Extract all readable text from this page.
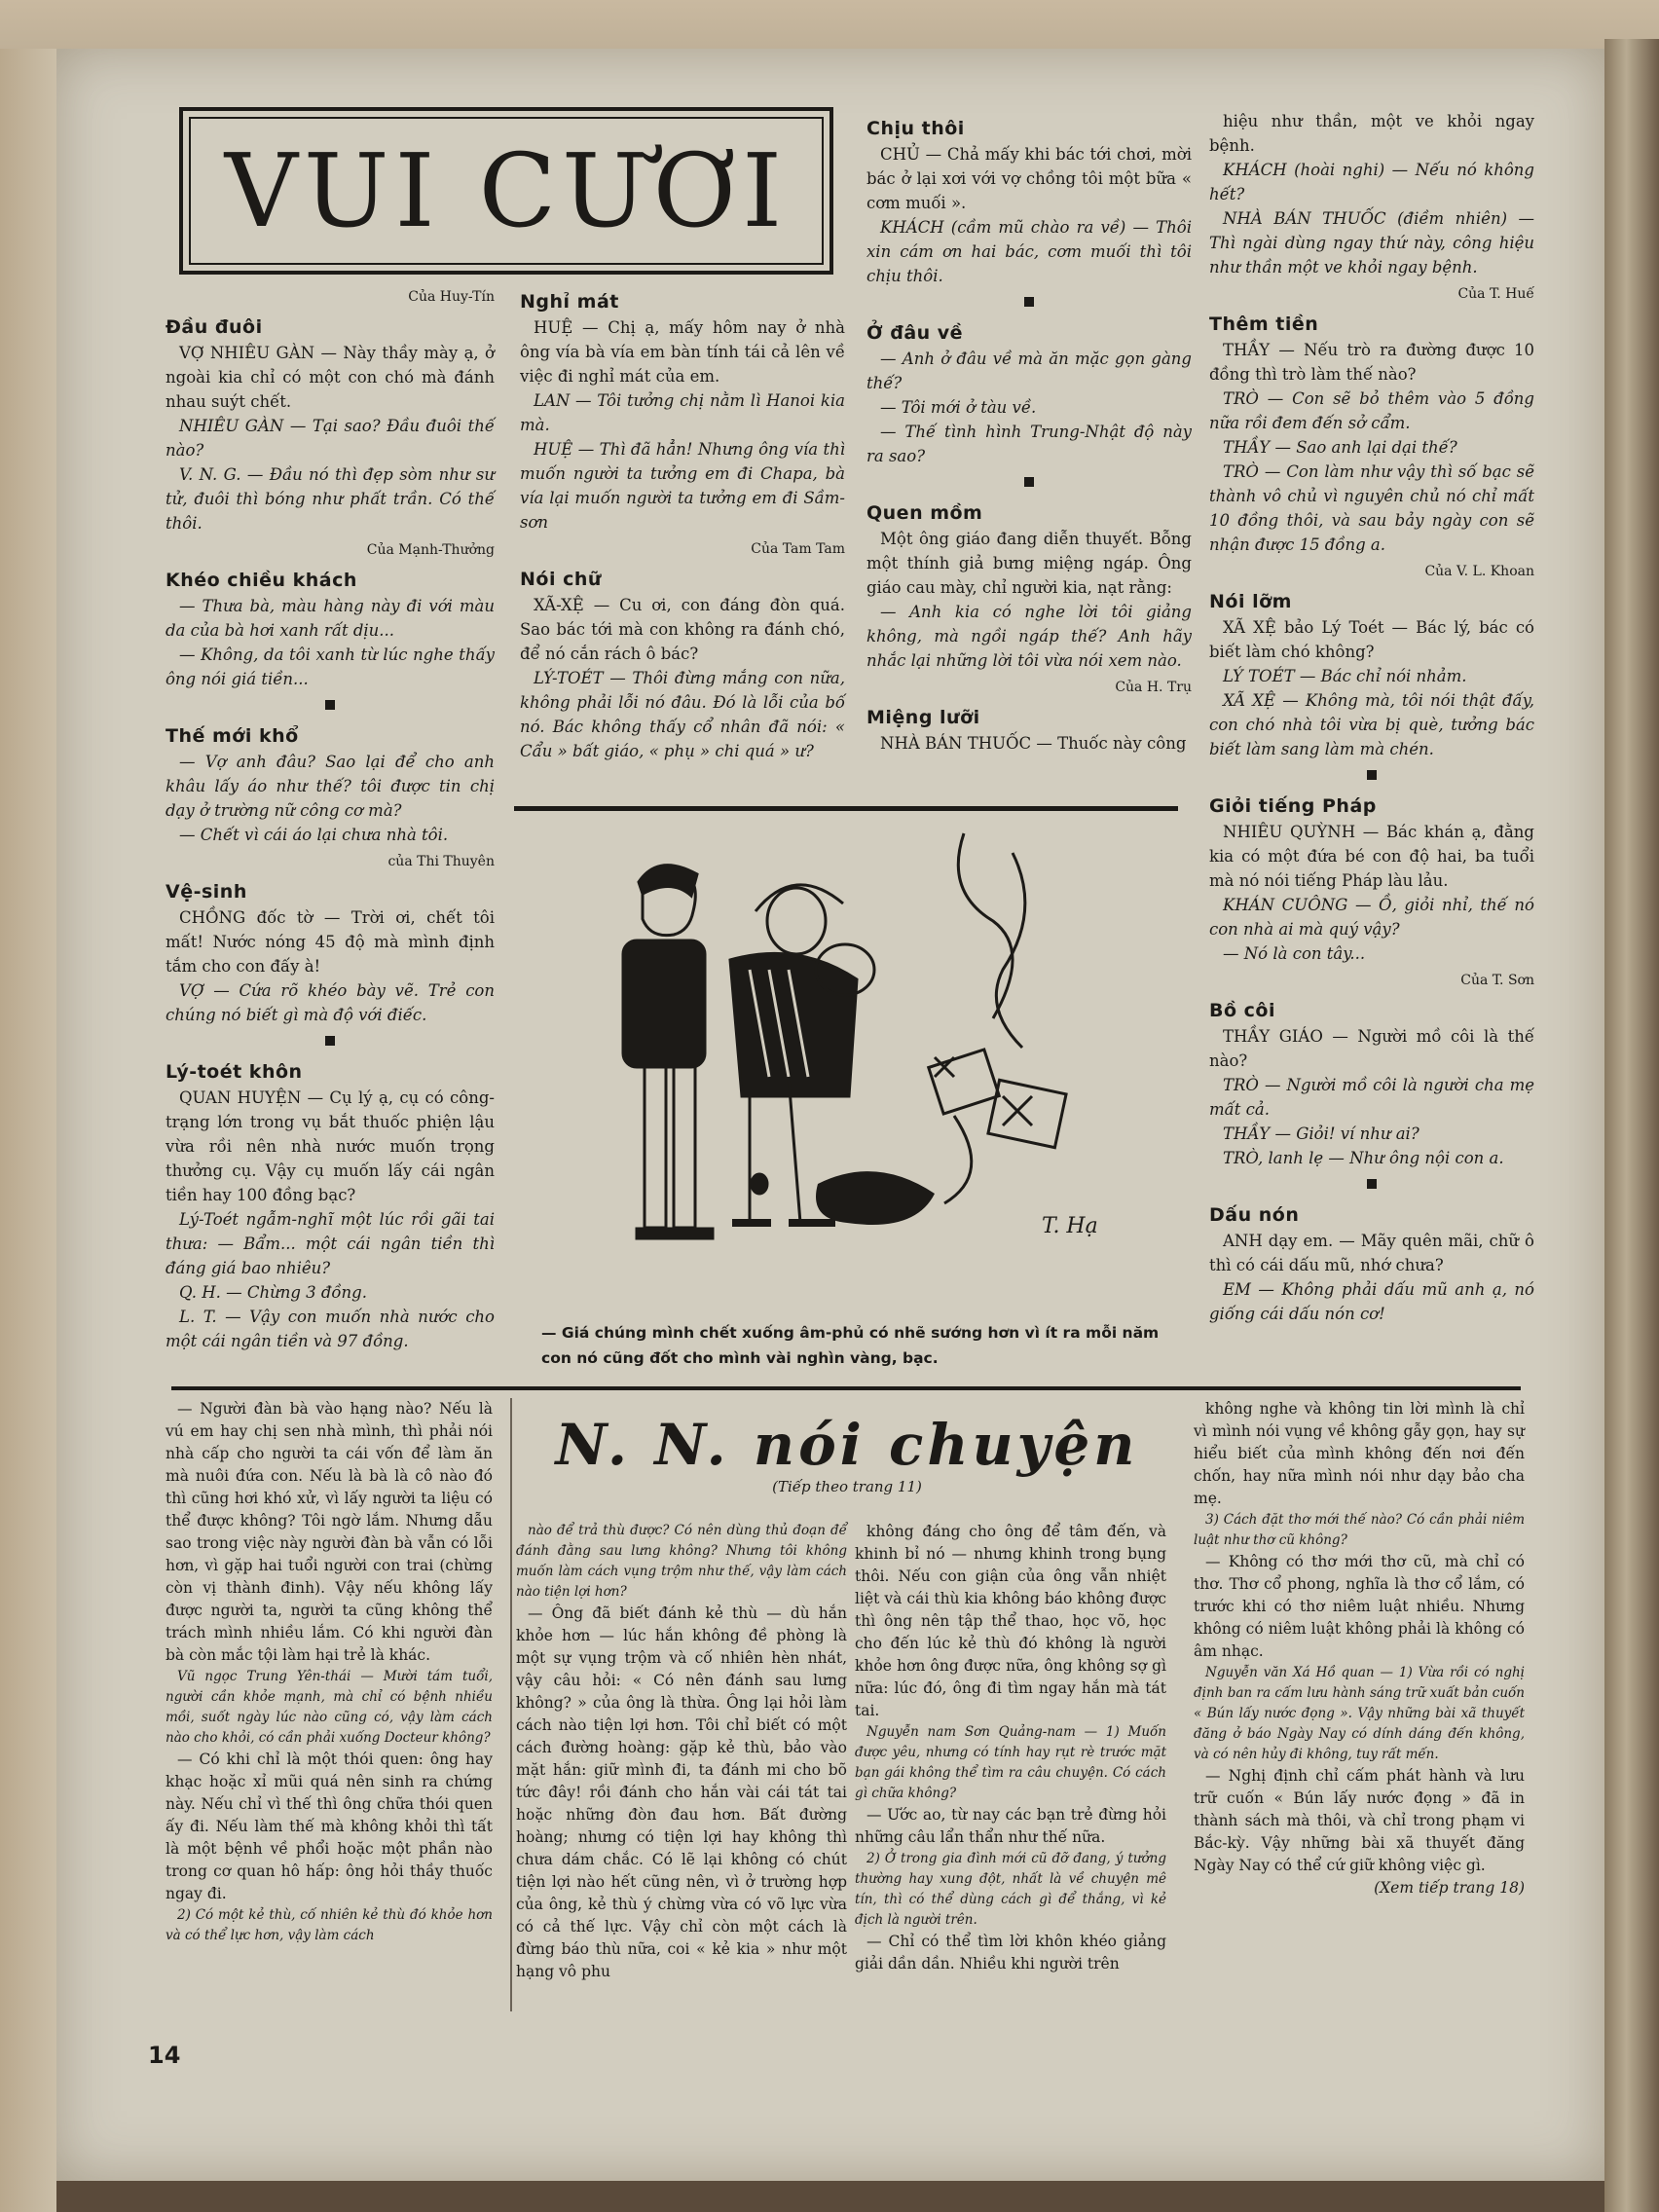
VUI CƯƠI
Của Huy-Tín
Đầu đuôi

VỢ NHIÊU GÀN — Này thầy mày ạ, ở ngoài kia chỉ có một con chó mà đánh nhau suýt chết.

NHIÊU GÀN — Tại sao? Đầu đuôi thế nào?

V. N. G. — Đầu nó thì đẹp sòm như sư tử, đuôi thì bóng như phất trần. Có thế thôi.

Của Mạnh-Thưởng
Khéo chiều khách

— Thưa bà, màu hàng này đi với màu da của bà hơi xanh rất dịu...

— Không, da tôi xanh từ lúc nghe thấy ông nói giá tiền...

Thế mới khổ

— Vợ anh đâu? Sao lại để cho anh khâu lấy áo như thế? tôi được tin chị dạy ở trường nữ công cơ mà?

— Chết vì cái áo lại chưa nhà tôi.

của Thi Thuyên
Vệ-sinh

CHỒNG đốc tờ — Trời ơi, chết tôi mất! Nước nóng 45 độ mà mình định tắm cho con đấy à!

VỢ — Cứa rõ khéo bày vẽ. Trẻ con chúng nó biết gì mà độ với điếc.

Lý-toét khôn

QUAN HUYỆN — Cụ lý ạ, cụ có công-trạng lớn trong vụ bắt thuốc phiện lậu vừa rồi nên nhà nước muốn trọng thưởng cụ. Vậy cụ muốn lấy cái ngân tiền hay 100 đồng bạc?

Lý-Toét ngẫm-nghĩ một lúc rồi gãi tai thưa: — Bẩm... một cái ngân tiền thì đáng giá bao nhiêu?

Q. H. — Chừng 3 đồng.

L. T. — Vậy con muốn nhà nước cho một cái ngân tiền và 97 đồng.

Nghỉ mát

HUỆ — Chị ạ, mấy hôm nay ở nhà ông vía bà vía em bàn tính tái cả lên về việc đi nghỉ mát của em.

LAN — Tôi tưởng chị nằm lì Hanoi kia mà.

HUỆ — Thì đã hẳn! Nhưng ông vía thì muốn người ta tưởng em đi Chapa, bà vía lại muốn người ta tưởng em đi Sầm-sơn

Của Tam Tam
Nói chữ

XÃ-XỆ — Cu ơi, con đáng đòn quá. Sao bác tới mà con không ra đánh chó, để nó cắn rách ô bác?

LÝ-TOÉT — Thôi đừng mắng con nữa, không phải lỗi nó đâu. Đó là lỗi của bố nó. Bác không thấy cổ nhân đã nói: « Cẩu » bất giáo, « phụ » chi quá » ư?

Chịu thôi

CHỦ — Chả mấy khi bác tới chơi, mời bác ở lại xơi với vợ chồng tôi một bữa « cơm muối ».

KHÁCH (cầm mũ chào ra về) — Thôi xin cám ơn hai bác, cơm muối thì tôi chịu thôi.

Ở đâu về

— Anh ở đâu về mà ăn mặc gọn gàng thế?

— Tôi mới ở tàu về.

— Thế tình hình Trung-Nhật độ này ra sao?

Quen mồm

Một ông giáo đang diễn thuyết. Bỗng một thính giả bưng miệng ngáp. Ông giáo cau mày, chỉ người kia, nạt rằng:

— Anh kia có nghe lời tôi giảng không, mà ngồi ngáp thế? Anh hãy nhắc lại những lời tôi vừa nói xem nào.

Của H. Trụ
Miệng lưỡi

NHÀ BÁN THUỐC — Thuốc này công

hiệu như thần, một ve khỏi ngay bệnh.

KHÁCH (hoài nghi) — Nếu nó không hết?

NHÀ BÁN THUỐC (điềm nhiên) — Thì ngài dùng ngay thứ này, công hiệu như thần một ve khỏi ngay bệnh.

Của T. Huế
Thêm tiền

THẦY — Nếu trò ra đường được 10 đồng thì trò làm thế nào?

TRÒ — Con sẽ bỏ thêm vào 5 đồng nữa rồi đem đến sở cẩm.

THẦY — Sao anh lại dại thế?

TRÒ — Con làm như vậy thì số bạc sẽ thành vô chủ vì nguyên chủ nó chỉ mất 10 đồng thôi, và sau bảy ngày con sẽ nhận được 15 đồng a.

Của V. L. Khoan
Nói lỡm

XÃ XỆ bảo Lý Toét — Bác lý, bác có biết làm chó không?

LÝ TOÉT — Bác chỉ nói nhảm.

XÃ XỆ — Không mà, tôi nói thật đấy, con chó nhà tôi vừa bị què, tưởng bác biết làm sang làm mà chén.

Giỏi tiếng Pháp

NHIÊU QUỲNH — Bác khán ạ, đằng kia có một đứa bé con độ hai, ba tuổi mà nó nói tiếng Pháp làu lảu.

KHÁN CUÔNG — Ồ, giỏi nhỉ, thế nó con nhà ai mà quý vậy?

— Nó là con tây...

Của T. Sơn
Bồ côi

THẦY GIÁO — Người mồ côi là thế nào?

TRÒ — Người mồ côi là người cha mẹ mất cả.

THẦY — Giỏi! ví như ai?

TRÒ, lanh lẹ — Như ông nội con a.

Dấu nón

ANH dạy em. — Mãy quên mãi, chữ ô thì có cái dấu mũ, nhớ chưa?

EM — Không phải dấu mũ anh ạ, nó giống cái dấu nón cơ!

T. Hạ
— Giá chúng mình chết xuống âm-phủ có nhẽ sướng hơn vì ít ra mỗi năm con nó cũng đốt cho mình vài nghìn vàng, bạc.
N. N. nói chuyện
(Tiếp theo trang 11)

— Người đàn bà vào hạng nào? Nếu là vú em hay chị sen nhà mình, thì phải nói nhà cấp cho người ta cái vốn để làm ăn mà nuôi đứa con. Nếu là bà là cô nào đó thì cũng hơi khó xử, vì lấy người ta liệu có thể được không? Tôi ngờ lắm. Nhưng dẫu sao trong việc này người đàn bà vẫn có lỗi hơn, vì gặp hai tuổi người con trai (chừng còn vị thành đinh). Vậy nếu không lấy được người ta, người ta cũng không thể trách mình nhiều lắm. Có khi người đàn bà còn mắc tội làm hại trẻ là khác.

Vũ ngọc Trung Yên-thái — Mười tám tuổi, người cần khỏe mạnh, mà chỉ có bệnh nhiều mồi, suốt ngày lúc nào cũng có, vậy làm cách nào cho khỏi, có cần phải xuống Docteur không?

— Có khi chỉ là một thói quen: ông hay khạc hoặc xỉ mũi quá nên sinh ra chứng này. Nếu chỉ vì thế thì ông chữa thói quen ấy đi. Nếu làm thế mà không khỏi thì tất là một bệnh về phổi hoặc một phần nào trong cơ quan hô hấp: ông hỏi thầy thuốc ngay đi.

2) Có một kẻ thù, cố nhiên kẻ thù đó khỏe hơn và có thể lực hơn, vậy làm cách

nào để trả thù được? Có nên dùng thủ đoạn để đánh đằng sau lưng không? Nhưng tôi không muốn làm cách vụng trộm như thế, vậy làm cách nào tiện lợi hơn?

— Ông đã biết đánh kẻ thù — dù hắn khỏe hơn — lúc hắn không đề phòng là một sự vụng trộm và cố nhiên hèn nhát, vậy câu hỏi: « Có nên đánh sau lưng không? » của ông là thừa. Ông lại hỏi làm cách nào tiện lợi hơn. Tôi chỉ biết có một cách đường hoàng: gặp kẻ thù, bảo vào mặt hắn: giữ mình đi, ta đánh mi cho bõ tức đây! rồi đánh cho hắn vài cái tát tai hoặc những đòn đau hơn. Bất đường hoàng; nhưng có tiện lợi hay không thì chưa dám chắc. Có lẽ lại không có chút tiện lợi nào hết cũng nên, vì ở trường hợp của ông, kẻ thù ý chừng vừa có võ lực vừa có cả thế lực. Vậy chỉ còn một cách là đừng báo thù nữa, coi « kẻ kia » như một hạng vô phu

không đáng cho ông để tâm đến, và khinh bỉ nó — nhưng khinh trong bụng thôi. Nếu con giận của ông vẫn nhiệt liệt và cái thù kia không báo không được thì ông nên tập thể thao, học võ, học cho đến lúc kẻ thù đó không là người khỏe hơn ông được nữa, ông không sợ gì nữa: lúc đó, ông đi tìm ngay hắn mà tát tai.

Nguyễn nam Sơn Quảng-nam — 1) Muốn được yêu, nhưng có tính hay rụt rè trước mặt bạn gái không thể tìm ra câu chuyện. Có cách gì chữa không?

— Ước ao, từ nay các bạn trẻ đừng hỏi những câu lẩn thẩn như thế nữa.

2) Ở trong gia đình mới cũ đỡ đang, ý tưởng thường hay xung đột, nhất là về chuyện mê tín, thì có thể dùng cách gì để thắng, vì kẻ địch là người trên.

— Chỉ có thể tìm lời khôn khéo giảng giải dần dần. Nhiều khi người trên

không nghe và không tin lời mình là chỉ vì mình nói vụng về không gẫy gọn, hay sự hiểu biết của mình không đến nơi đến chốn, hay nữa mình nói như dạy bảo cha mẹ.

3) Cách đặt thơ mới thế nào? Có cần phải niêm luật như thơ cũ không?

— Không có thơ mới thơ cũ, mà chỉ có thơ. Thơ cổ phong, nghĩa là thơ cổ lắm, có trước khi có thơ niêm luật nhiều. Nhưng không có niêm luật không phải là không có âm nhạc.

Nguyễn văn Xá Hồ quan — 1) Vừa rồi có nghị định ban ra cấm lưu hành sáng trữ xuất bản cuốn « Bún lấy nước đọng ». Vậy những bài xã thuyết đăng ở báo Ngày Nay có dính dáng đến không, và có nên hủy đi không, tuy rất mến.

— Nghị định chỉ cấm phát hành và lưu trữ cuốn « Bún lấy nước đọng » đã in thành sách mà thôi, và chỉ trong phạm vi Bắc-kỳ. Vậy những bài xã thuyết đăng Ngày Nay có thể cứ giữ không việc gì.

(Xem tiếp trang 18)

14
